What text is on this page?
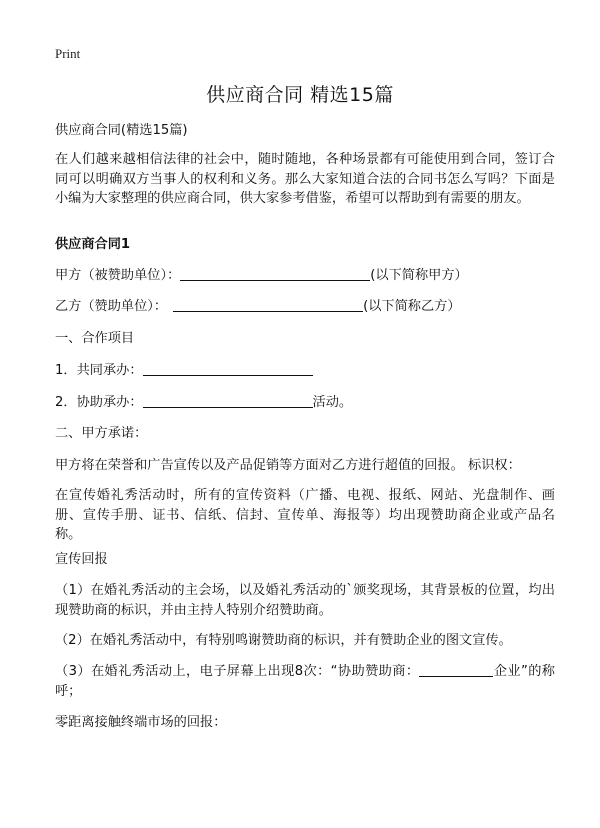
Print
供应商合同 精选15篇
供应商合同(精选15篇)
在人们越来越相信法律的社会中，随时随地，各种场景都有可能使用到合同，签订合同可以明确双方当事人的权利和义务。那么大家知道合法的合同书怎么写吗？下面是小编为大家整理的供应商合同，供大家参考借鉴，希望可以帮助到有需要的朋友。
供应商合同1
甲方（被赞助单位）：	(以下简称甲方）
乙方（赞助单位）：	(以下简称乙方）
一、合作项目
1．共同承办：
2．协助承办：	活动。
二、甲方承诺：
甲方将在荣誉和广告宣传以及产品促销等方面对乙方进行超值的回报。 标识权：
在宣传婚礼秀活动时，所有的宣传资料（广播、电视、报纸、网站、光盘制作、画册、宣传手册、证书、信纸、信封、宣传单、海报等）均出现赞助商企业或产品名称。
宣传回报
（1）在婚礼秀活动的主会场，以及婚礼秀活动的`颁奖现场，其背景板的位置，均出现赞助商的标识，并由主持人特别介绍赞助商。
（2）在婚礼秀活动中，有特别鸣谢赞助商的标识，并有赞助企业的图文宣传。
（3）在婚礼秀活动上，电子屏幕上出现8次：“协助赞助商：	企业”的称呼；
零距离接触终端市场的回报：
